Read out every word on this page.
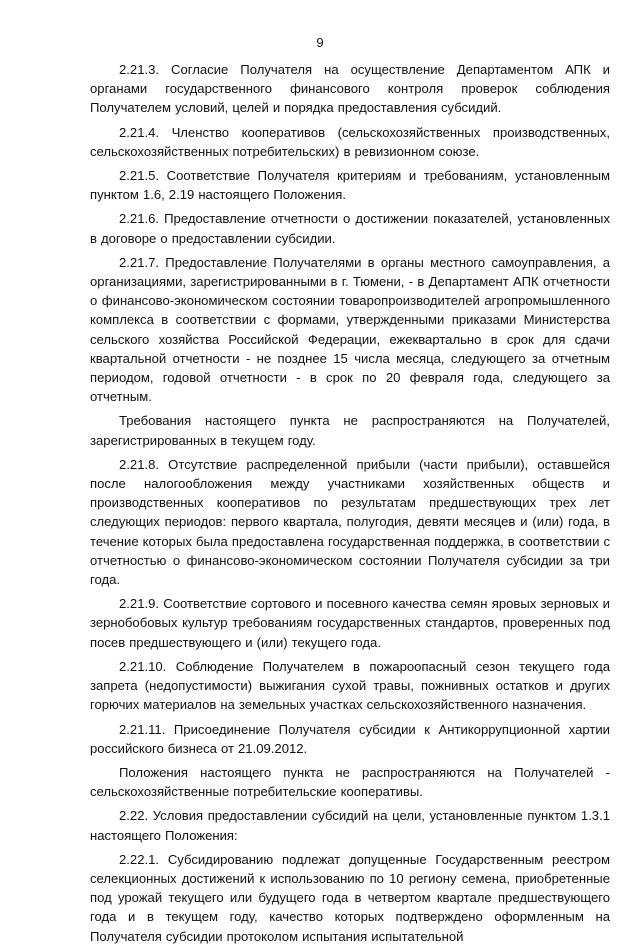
9

2.21.3. Согласие Получателя на осуществление Департаментом АПК и органами государственного финансового контроля проверок соблюдения Получателем условий, целей и порядка предоставления субсидий.

2.21.4. Членство кооперативов (сельскохозяйственных производственных, сельскохозяйственных потребительских) в ревизионном союзе.

2.21.5. Соответствие Получателя критериям и требованиям, установленным пунктом 1.6, 2.19 настоящего Положения.

2.21.6. Предоставление отчетности о достижении показателей, установленных в договоре о предоставлении субсидии.

2.21.7. Предоставление Получателями в органы местного самоуправления, а организациями, зарегистрированными в г. Тюмени, - в Департамент АПК отчетности о финансово-экономическом состоянии товаропроизводителей агропромышленного комплекса в соответствии с формами, утвержденными приказами Министерства сельского хозяйства Российской Федерации, ежеквартально в срок для сдачи квартальной отчетности - не позднее 15 числа месяца, следующего за отчетным периодом, годовой отчетности - в срок по 20 февраля года, следующего за отчетным.

Требования настоящего пункта не распространяются на Получателей, зарегистрированных в текущем году.

2.21.8. Отсутствие распределенной прибыли (части прибыли), оставшейся после налогообложения между участниками хозяйственных обществ и производственных кооперативов по результатам предшествующих трех лет следующих периодов: первого квартала, полугодия, девяти месяцев и (или) года, в течение которых была предоставлена государственная поддержка, в соответствии с отчетностью о финансово-экономическом состоянии Получателя субсидии за три года.

2.21.9. Соответствие сортового и посевного качества семян яровых зерновых и зернобобовых культур требованиям государственных стандартов, проверенных под посев предшествующего и (или) текущего года.

2.21.10. Соблюдение Получателем в пожароопасный сезон текущего года запрета (недопустимости) выжигания сухой травы, пожнивных остатков и других горючих материалов на земельных участках сельскохозяйственного назначения.

2.21.11. Присоединение Получателя субсидии к Антикоррупционной хартии российского бизнеса от 21.09.2012.

Положения настоящего пункта не распространяются на Получателей - сельскохозяйственные потребительские кооперативы.

2.22. Условия предоставлении субсидий на цели, установленные пунктом 1.3.1 настоящего Положения:

2.22.1. Субсидированию подлежат допущенные Государственным реестром селекционных достижений к использованию по 10 региону семена, приобретенные под урожай текущего или будущего года в четвертом квартале предшествующего года и в текущем году, качество которых подтверждено оформленным на Получателя субсидии протоколом испытания испытательной
